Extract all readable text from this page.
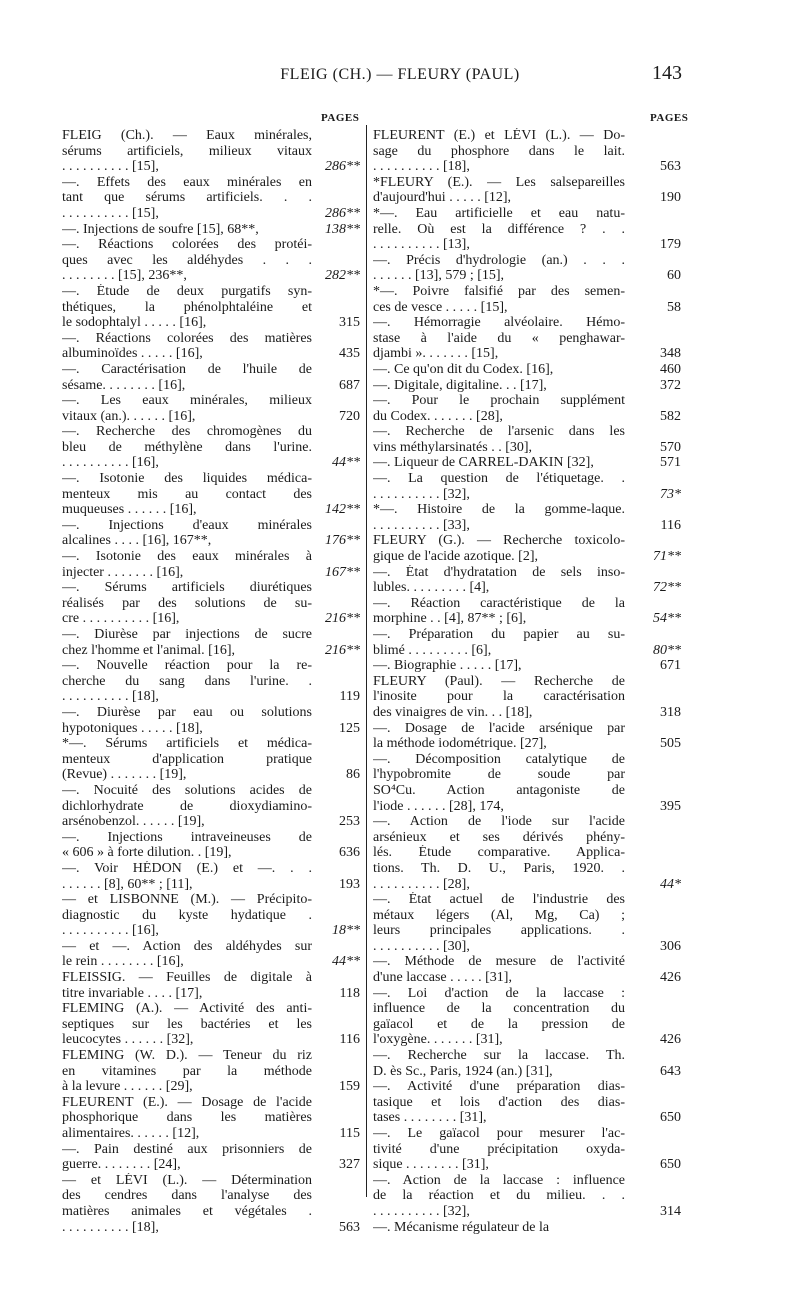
FLEIG (CH.) — FLEURY (PAUL)	143
PAGES	PAGES
FLEIG (Ch.). — Eaux minérales,
sérums artificiels, milieux vitaux
. . . . . . . . . . [15],	286**
—. Effets des eaux minérales en
tant que sérums artificiels. . .
. . . . . . . . . . [15],	286**
—. Injections de soufre [15], 68**,	138**
—. Réactions colorées des protéi-
ques avec les aldéhydes . . .
. . . . . . . . [15], 236**,	282**
—. Étude de deux purgatifs syn-
thétiques, la phénolphtaléine et
le sodophtalyl . . . . . [16],	315
—. Réactions colorées des matières
albuminoïdes . . . . . [16],	435
—. Caractérisation de l'huile de
sésame. . . . . . . . [16],	687
—. Les eaux minérales, milieux
vitaux (an.). . . . . . [16],	720
—. Recherche des chromogènes du
bleu de méthylène dans l'urine.
. . . . . . . . . . [16],	44**
—. Isotonie des liquides médica-
menteux mis au contact des
muqueuses . . . . . . [16],	142**
—. Injections d'eaux minérales
alcalines . . . . [16], 167**,	176**
—. Isotonie des eaux minérales à
injecter . . . . . . . [16],	167**
—. Sérums artificiels diurétiques
réalisés par des solutions de su-
cre . . . . . . . . . . [16],	216**
—. Diurèse par injections de sucre
chez l'homme et l'animal. [16],	216**
—. Nouvelle réaction pour la re-
cherche du sang dans l'urine. .
. . . . . . . . . . [18],	119
—. Diurèse par eau ou solutions
hypotoniques . . . . . [18],	125
*—. Sérums artificiels et médica-
menteux d'application pratique
(Revue) . . . . . . . [19],	86
—. Nocuité des solutions acides de
dichlorhydrate de dioxydiamino-
arsénobenzol. . . . . . [19],	253
—. Injections intraveineuses de
« 606 » à forte dilution. . [19],	636
—. Voir HÉDON (E.) et —. . .
. . . . . . [8], 60** ; [11],	193
— et LISBONNE (M.). — Précipito-
diagnostic du kyste hydatique .
. . . . . . . . . . [16],	18**
— et —. Action des aldéhydes sur
le rein . . . . . . . . [16],	44**
FLEISSIG. — Feuilles de digitale à
titre invariable . . . . [17],	118
FLEMING (A.). — Activité des anti-
septiques sur les bactéries et les
leucocytes . . . . . . [32],	116
FLEMING (W. D.). — Teneur du riz
en vitamines par la méthode
à la levure . . . . . . [29],	159
FLEURENT (E.). — Dosage de l'acide
phosphorique dans les matières
alimentaires. . . . . . [12],	115
—. Pain destiné aux prisonniers de
guerre. . . . . . . . [24],	327
— et LÉVI (L.). — Détermination
des cendres dans l'analyse des
matières animales et végétales .
. . . . . . . . . . [18],	563
FLEURENT (E.) et LÉVI (L.). — Do-
sage du phosphore dans le lait.
. . . . . . . . . . [18],	563
*FLEURY (E.). — Les salsepareilles
d'aujourd'hui . . . . . [12],	190
*—. Eau artificielle et eau natu-
relle. Où est la différence ? . .
. . . . . . . . . . [13],	179
—. Précis d'hydrologie (an.) . . .
. . . . . . [13], 579 ; [15],	60
*—. Poivre falsifié par des semen-
ces de vesce . . . . . [15],	58
—. Hémorragie alvéolaire. Hémo-
stase à l'aide du « penghawar-
djambi ». . . . . . . [15],	348
—. Ce qu'on dit du Codex. [16],	460
—. Digitale, digitaline. . . [17],	372
—. Pour le prochain supplément
du Codex. . . . . . . [28],	582
—. Recherche de l'arsenic dans les
vins méthylarsinatés . . [30],	570
—. Liqueur de CARREL-DAKIN [32],	571
—. La question de l'étiquetage. .
. . . . . . . . . . [32],	73*
*—. Histoire de la gomme-laque.
. . . . . . . . . . [33],	116
FLEURY (G.). — Recherche toxicolo-
gique de l'acide azotique. [2],	71**
—. État d'hydratation de sels inso-
lubles. . . . . . . . . [4],	72**
—. Réaction caractéristique de la
morphine . . [4], 87** ; [6],	54**
—. Préparation du papier au su-
blimé . . . . . . . . . [6],	80**
—. Biographie . . . . . [17],	671
FLEURY (Paul). — Recherche de
l'inosite pour la caractérisation
des vinaigres de vin. . . [18],	318
—. Dosage de l'acide arsénique par
la méthode iodométrique. [27],	505
—. Décomposition catalytique de
l'hypobromite de soude par
SO⁴Cu. Action antagoniste de
l'iode . . . . . . [28], 174,	395
—. Action de l'iode sur l'acide
arsénieux et ses dérivés phény-
lés. Étude comparative. Applica-
tions. Th. D. U., Paris, 1920. .
. . . . . . . . . . [28],	44*
—. État actuel de l'industrie des
métaux légers (Al, Mg, Ca) ;
leurs principales applications. .
. . . . . . . . . . [30],	306
—. Méthode de mesure de l'activité
d'une laccase . . . . . [31],	426
—. Loi d'action de la laccase :
influence de la concentration du
gaïacol et de la pression de
l'oxygène. . . . . . . [31],	426
—. Recherche sur la laccase. Th.
D. ès Sc., Paris, 1924 (an.) [31],	643
—. Activité d'une préparation dias-
tasique et lois d'action des dias-
tases . . . . . . . . [31],	650
—. Le gaïacol pour mesurer l'ac-
tivité d'une précipitation oxyda-
sique . . . . . . . . [31],	650
—. Action de la laccase : influence
de la réaction et du milieu. . .
. . . . . . . . . . [32],	314
—. Mécanisme régulateur de la
